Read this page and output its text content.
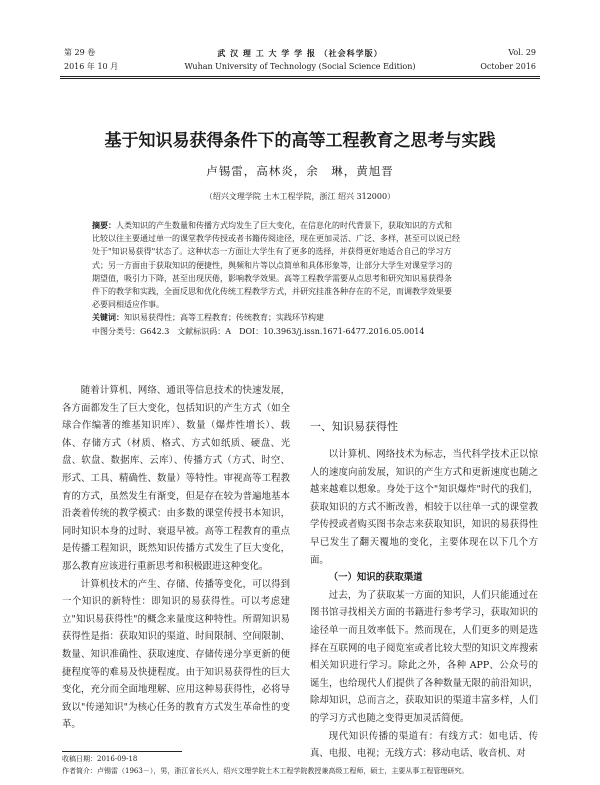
第 29 卷
2016 年 10 月
武 汉 理 工 大 学 学 报 （社会科学版）
Wuhan University of Technology (Social Science Edition)
Vol. 29
October 2016
基于知识易获得条件下的高等工程教育之思考与实践
卢锡雷，高林炎，余　琳，黄旭晋
（绍兴文理学院 土木工程学院，浙江 绍兴 312000）
摘要：人类知识的产生数量和传播方式均发生了巨大变化，在信息化的时代背景下，获取知识的方式和
比较以往主要通过单一的课堂教学传授或者书籍传阅途径，现在更加灵活、广泛、多样，甚至可以说已经
处于"知识易获得"状态了。这种状态一方面让大学生有了更多的选择，并获得更好地适合自己的学习方
式；另一方面由于获取知识的便捷性，舆频和片等以点简单和具体形象等，让部分大学生对课堂学习的
期望值，吸引力下降，甚至出现厌倦，影响教学效果。高等工程教学需要从点思考和研究知识易获得条
件下的教学和实践，全面反思和优化传统工程教学方式，并研究挂准各种存在的不足，而调教学效果要
必要同相适应作事。
关键词：知识易获得性；高等工程教育；传统教育；实践环节构建
中图分类号：G642.3　文献标识码：A　DOI：10.3963/j.issn.1671-6477.2016.05.0014

随着计算机、网络、通讯等信息技术的快速发展，各方面都发生了巨大变化，包括知识的产生方式（如全球合作编著的维基知识库）、数量（爆炸性增长）、载体、存储方式（材质、格式、方式如纸质、硬盘、光盘、软盘、数据库、云库）、传播方式（方式、时空、形式、工具、精确性、数量）等特性。审视高等工程教育的方式，虽然发生有渐变，但是存在较为普遍地基本沿袭着传统的教学模式：由多数的课堂传授书本知识，同时知识本身的过时、衰退早被。高等工程教育的重点是传播工程知识，既然知识传播方式发生了巨大变化，那么教育应该进行重新思考和积极跟进这种变化。

计算机技术的产生、存储、传播等变化，可以得到一个知识的新特性：即知识的易获得性。可以考虑建立"知识易获得性"的概念来量度这种特性。所谓知识易获得性是指：获取知识的渠道、时间限制、空间限制、数量、知识准确性、获取速度、存储传递分享更新的便捷程度等的难易及快捷程度。由于知识易获得性的巨大变化，充分而全面地理解、应用这种易获得性，必将导致以"传递知识"为核心任务的教育方式发生革命性的变革。

一、知识易获得性

以计算机、网络技术为标志，当代科学技术正以惊人的速度向前发展，知识的产生方式和更新速度也随之越来越难以想象。身处于这个"知识爆炸"时代的我们，获取知识的方式不断改善，相较于以往单一式的课堂教学传授或者购买图书杂志来获取知识，知识的易获得性早已发生了翻天覆地的变化，主要体现在以下几个方面。

（一）知识的获取渠道

过去，为了获取某一方面的知识，人们只能通过在图书馆寻找相关方面的书籍进行参考学习，获取知识的途径单一而且效率低下。然而现在，人们更多的则是选择在互联网的电子阅览室或者比较大型的知识文库搜索相关知识进行学习。除此之外，各种 APP、公众号的诞生，也给现代人们提供了各种数量无限的前沿知识，除却知识，总而言之，获取知识的渠道丰富多样，人们的学习方式也随之变得更加灵活简便。

现代知识传播的渠道有：有线方式：如电话、传真、电报、电视；无线方式：移动电话、收音机、对

收稿日期：2016-09-18
作者简介：卢锡雷（1963－），男，浙江省长兴人，绍兴文理学院土木工程学院教授兼高级工程师，硕士，主要从事工程管理研究。
